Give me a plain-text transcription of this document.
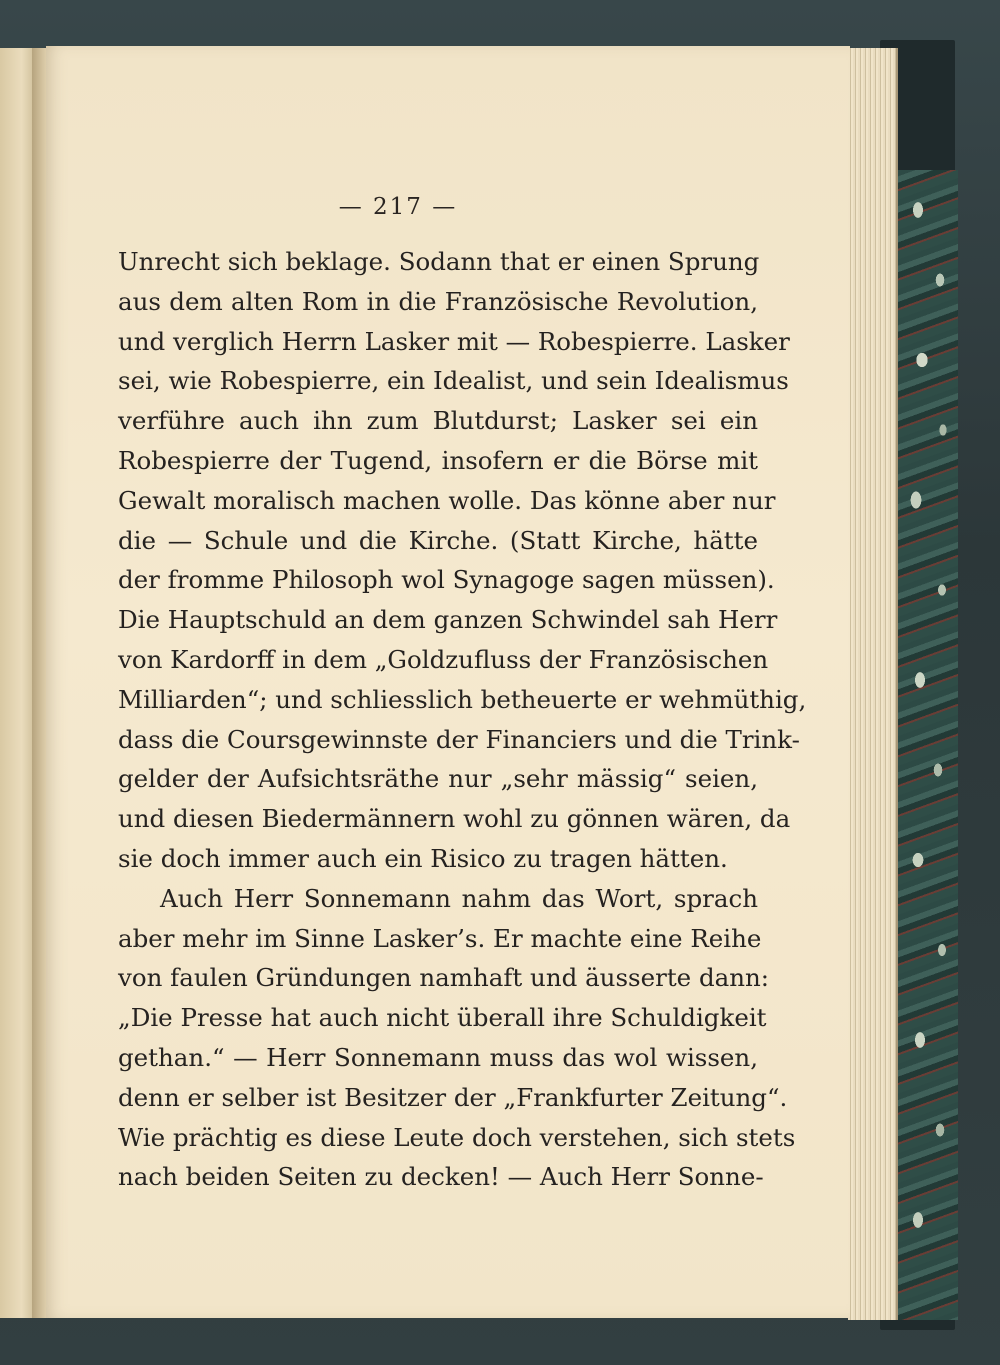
— 217 —
Unrecht sich beklage. Sodann that er einen Sprung
aus dem alten Rom in die Französische Revolution,
und verglich Herrn Lasker mit — Robespierre. Lasker
sei, wie Robespierre, ein Idealist, und sein Idealismus
verführe auch ihn zum Blutdurst; Lasker sei ein
Robespierre der Tugend, insofern er die Börse mit
Gewalt moralisch machen wolle. Das könne aber nur
die — Schule und die Kirche. (Statt Kirche, hätte
der fromme Philosoph wol Synagoge sagen müssen).
Die Hauptschuld an dem ganzen Schwindel sah Herr
von Kardorff in dem „Goldzufluss der Französischen
Milliarden“; und schliesslich betheuerte er wehmüthig,
dass die Coursgewinnste der Financiers und die Trink-
gelder der Aufsichtsräthe nur „sehr mässig“ seien,
und diesen Biedermännern wohl zu gönnen wären, da
sie doch immer auch ein Risico zu tragen hätten.
Auch Herr Sonnemann nahm das Wort, sprach
aber mehr im Sinne Lasker’s. Er machte eine Reihe
von faulen Gründungen namhaft und äusserte dann:
„Die Presse hat auch nicht überall ihre Schuldigkeit
gethan.“ — Herr Sonnemann muss das wol wissen,
denn er selber ist Besitzer der „Frankfurter Zeitung“.
Wie prächtig es diese Leute doch verstehen, sich stets
nach beiden Seiten zu decken! — Auch Herr Sonne-
